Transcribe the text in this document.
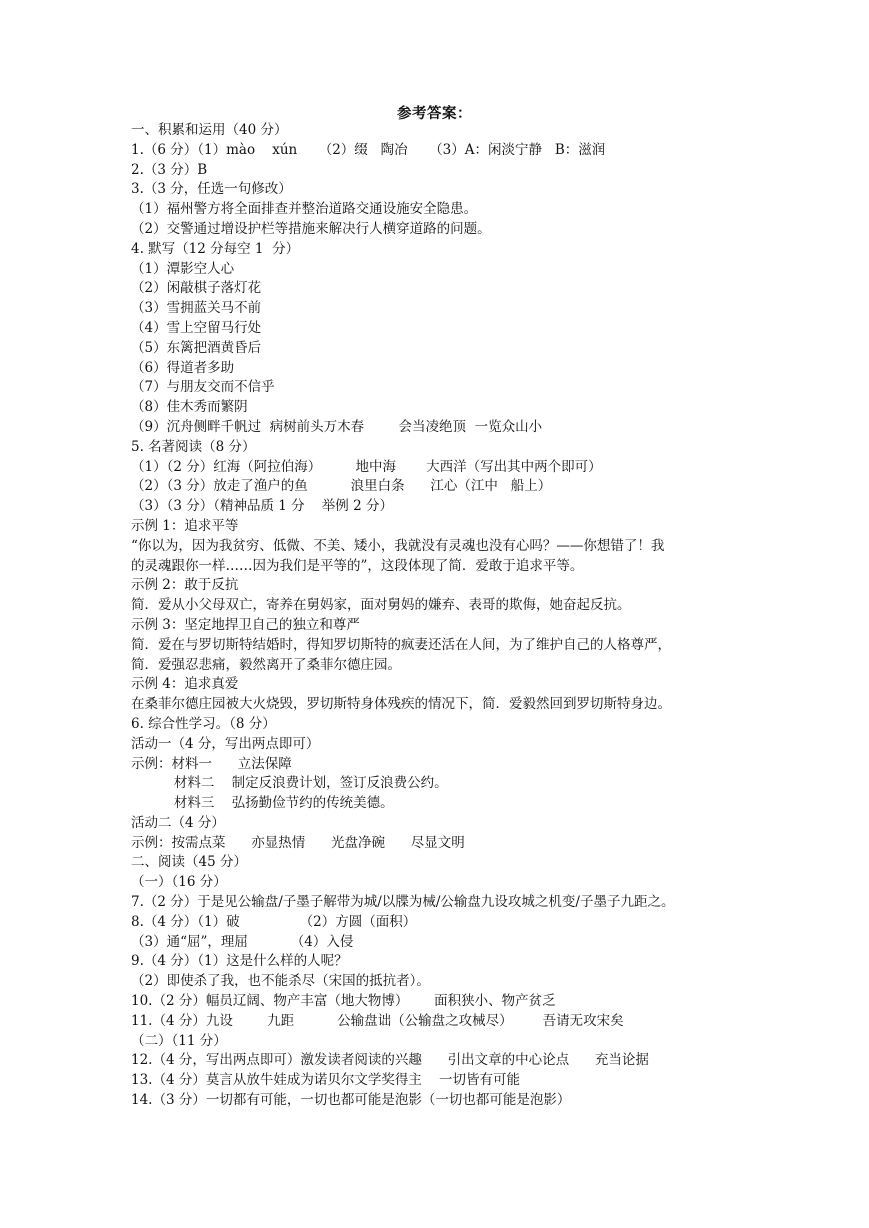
参考答案：
一、积累和运用（40 分）
1.（6 分）（1）mào    xún     （2）缀   陶冶     （3）A：闲淡宁静   B：滋润
2.（3 分）B
3.（3 分，任选一句修改）
（1）福州警方将全面排查并整治道路交通设施安全隐患。
（2）交警通过增设护栏等措施来解决行人横穿道路的问题。
4. 默写（12 分每空 1  分）
（1）潭影空人心
（2）闲敲棋子落灯花
（3）雪拥蓝关马不前
（4）雪上空留马行处
（5）东篱把酒黄昏后
（6）得道者多助
（7）与朋友交而不信乎
（8）佳木秀而繁阴
（9）沉舟侧畔千帆过  病树前头万木春        会当凌绝顶  一览众山小
5. 名著阅读（8 分）
（1）（2 分）红海（阿拉伯海）        地中海       大西洋（写出其中两个即可）
（2）（3 分）放走了渔户的鱼          浪里白条      江心（江中   船上）
（3）（3 分）（精神品质 1 分    举例 2 分）
示例 1：追求平等
“你以为，因为我贫穷、低微、不美、矮小，我就没有灵魂也没有心吗？——你想错了！我
的灵魂跟你一样……因为我们是平等的”，这段体现了简．爱敢于追求平等。
示例 2：敢于反抗
简．爱从小父母双亡，寄养在舅妈家，面对舅妈的嫌弃、表哥的欺侮，她奋起反抗。
示例 3：坚定地捍卫自己的独立和尊严
简．爱在与罗切斯特结婚时，得知罗切斯特的疯妻还活在人间，为了维护自己的人格尊严，
简．爱强忍悲痛，毅然离开了桑菲尔德庄园。
示例 4：追求真爱
在桑菲尔德庄园被大火烧毁，罗切斯特身体残疾的情况下，简．爱毅然回到罗切斯特身边。
6. 综合性学习。（8 分）
活动一（4 分，写出两点即可）
示例：材料一      立法保障
材料二    制定反浪费计划，签订反浪费公约。
材料三    弘扬勤俭节约的传统美德。
活动二（4 分）
示例：按需点菜      亦显热情      光盘净碗      尽显文明
二、阅读（45 分）
（一）（16 分）
7.（2 分）于是见公输盘/子墨子解带为城/以牒为械/公输盘九设攻城之机变/子墨子九距之。
8.（4 分）（1）破              （2）方圆（面积）
（3）通“屈”，理屈          （4）入侵
9.（4 分）（1）这是什么样的人呢？
（2）即使杀了我，也不能杀尽（宋国的抵抗者）。
10.（2 分）幅员辽阔、物产丰富（地大物博）      面积狭小、物产贫乏
11.（4 分）九设        九距          公输盘诎（公输盘之攻械尽）       吾请无攻宋矣
（二）（11 分）
12.（4 分，写出两点即可）激发读者阅读的兴趣      引出文章的中心论点      充当论据
13.（4 分）莫言从放牛娃成为诺贝尔文学奖得主    一切皆有可能
14.（3 分）一切都有可能，一切也都可能是泡影（一切也都可能是泡影）
